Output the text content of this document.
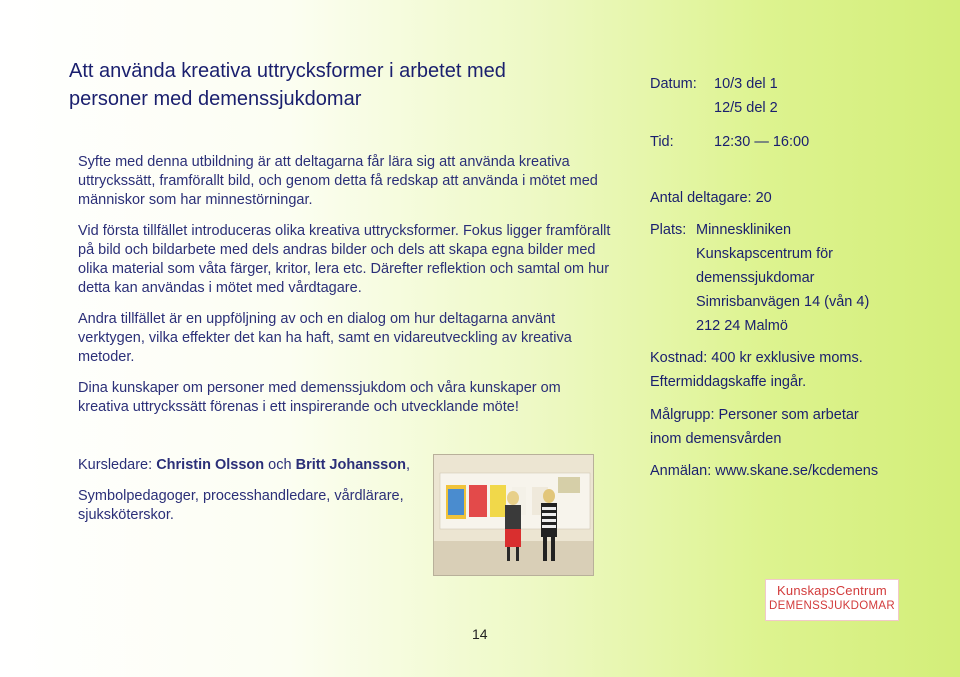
Att använda kreativa uttrycksformer i arbetet med
personer med demenssjukdomar

Syfte med denna utbildning är att deltagarna får lära sig att använda kreativa uttryckssätt, framförallt bild, och genom detta få redskap att använda i mötet med människor som har minnestörningar.

Vid första tillfället introduceras olika kreativa uttrycksformer. Fokus ligger framförallt på bild och bildarbete med dels andras bilder och dels att skapa egna bilder med olika material som våta färger, kritor, lera etc. Därefter reflektion och samtal om hur detta kan användas i mötet med vårdtagare.

Andra tillfället är en uppföljning av och en dialog om hur deltagarna använt verktygen, vilka effekter det kan ha haft, samt en vidareutveckling av kreativa metoder.

Dina kunskaper om personer med demenssjukdom och våra kunskaper om kreativa uttryckssätt förenas i ett inspirerande och utvecklande möte!

Kursledare: Christin Olsson och Britt Johansson,

Symbolpedagoger, processhandledare, vårdlärare, sjuksköterskor.

Datum:	10/3 del 1
12/5 del 2
Tid:	12:30 — 16:00
Antal deltagare: 20
Plats: Minneskliniken
Kunskapscentrum för
demenssjukdomar
Simrisbanvägen 14 (vån 4)
212 24 Malmö
Kostnad: 400 kr exklusive moms.
Eftermiddagskaffe ingår.
Målgrupp: Personer som arbetar
inom demensvården
Anmälan: www.skane.se/kcdemens
KunskapsCentrum
DEMENSSJUKDOMAR
14
